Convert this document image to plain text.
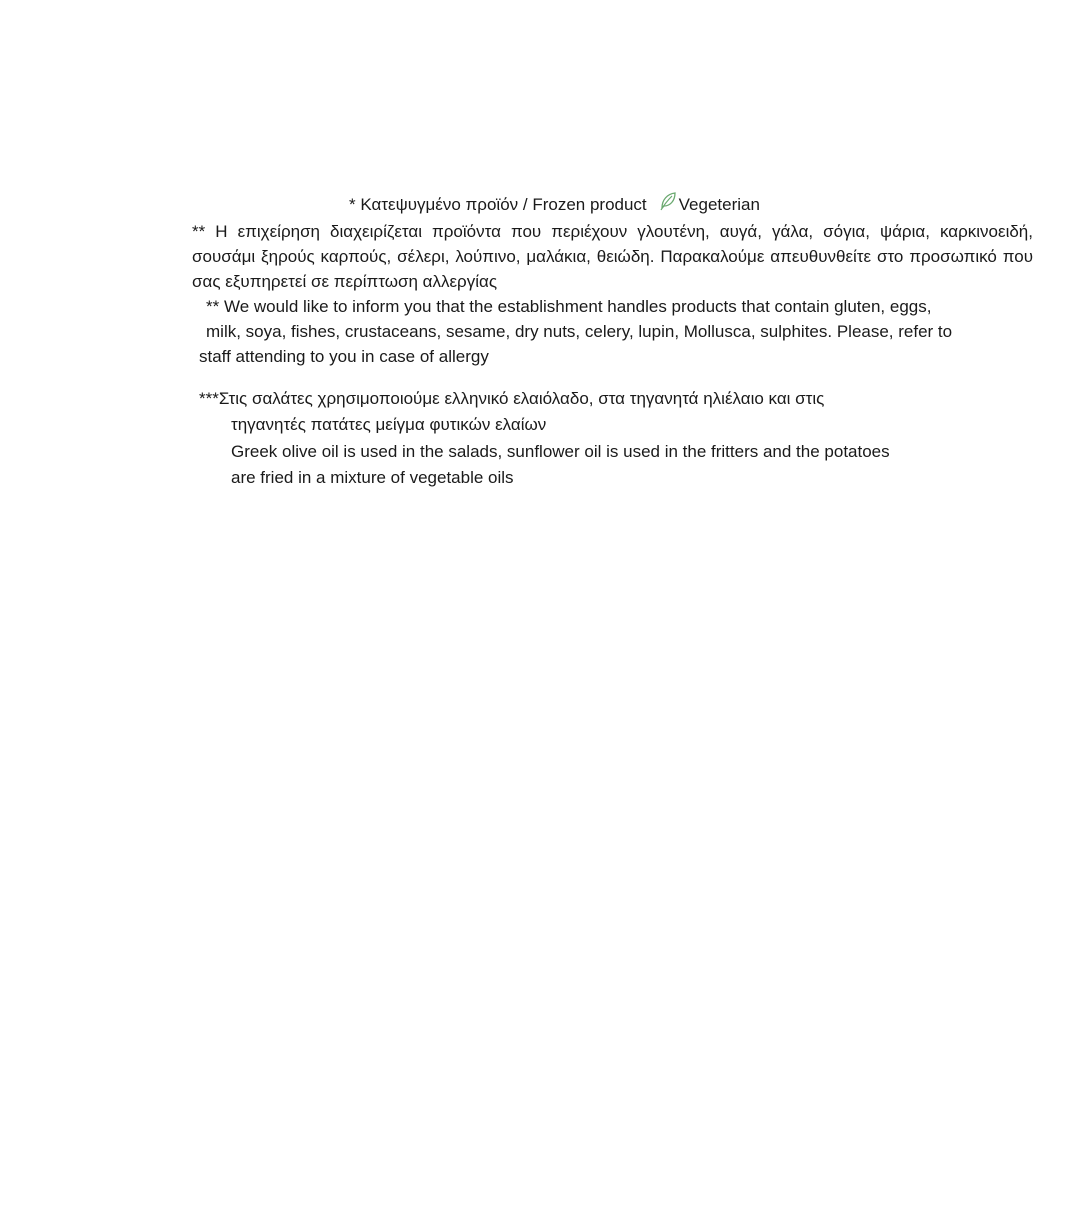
* Κατεψυγμένο προϊόν / Frozen product Vegeterian
** Η επιχείρηση διαχειρίζεται προϊόντα που περιέχουν γλουτένη, αυγά, γάλα, σόγια, ψάρια, καρκινοειδή, σουσάμι ξηρούς καρπούς, σέλερι, λούπινο, μαλάκια, θειώδη. Παρακαλούμε απευθυνθείτε στο προσωπικό που σας εξυπηρετεί σε περίπτωση αλλεργίας
** We would like to inform you that the establishment handles products that contain gluten, eggs,
milk, soya, fishes, crustaceans, sesame, dry nuts, celery, lupin, Mollusca, sulphites. Please, refer to
staff attending to you in case of allergy
***Στις σαλάτες χρησιμοποιούμε ελληνικό ελαιόλαδο, στα τηγανητά ηλιέλαιο και στις
τηγανητές πατάτες μείγμα φυτικών ελαίων
Greek olive oil is used in the salads, sunflower oil is used in the fritters and the potatoes
are fried in a mixture of vegetable oils
